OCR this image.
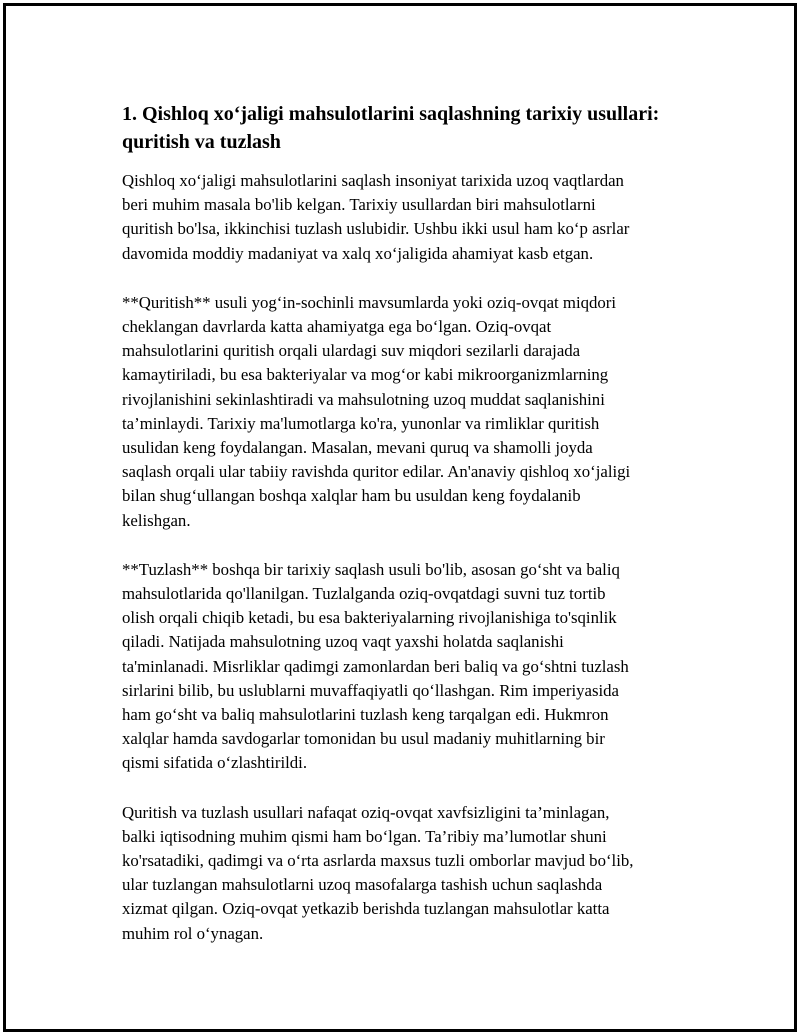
1. Qishloq xo‘jaligi mahsulotlarini saqlashning tarixiy usullari: quritish va tuzlash

Qishloq xo‘jaligi mahsulotlarini saqlash insoniyat tarixida uzoq vaqtlardan
beri muhim masala bo'lib kelgan. Tarixiy usullardan biri mahsulotlarni
quritish bo'lsa, ikkinchisi tuzlash uslubidir. Ushbu ikki usul ham ko‘p asrlar
davomida moddiy madaniyat va xalq xo‘jaligida ahamiyat kasb etgan.

**Quritish** usuli yog‘in-sochinli mavsumlarda yoki oziq-ovqat miqdori
cheklangan davrlarda katta ahamiyatga ega bo‘lgan. Oziq-ovqat
mahsulotlarini quritish orqali ulardagi suv miqdori sezilarli darajada
kamaytiriladi, bu esa bakteriyalar va mog‘or kabi mikroorganizmlarning
rivojlanishini sekinlashtiradi va mahsulotning uzoq muddat saqlanishini
ta’minlaydi. Tarixiy ma'lumotlarga ko'ra, yunonlar va rimliklar quritish
usulidan keng foydalangan. Masalan, mevani quruq va shamolli joyda
saqlash orqali ular tabiiy ravishda quritor edilar. An'anaviy qishloq xo‘jaligi
bilan shug‘ullangan boshqa xalqlar ham bu usuldan keng foydalanib
kelishgan.

**Tuzlash** boshqa bir tarixiy saqlash usuli bo'lib, asosan go‘sht va baliq
mahsulotlarida qo'llanilgan. Tuzlalganda oziq-ovqatdagi suvni tuz tortib
olish orqali chiqib ketadi, bu esa bakteriyalarning rivojlanishiga to'sqinlik
qiladi. Natijada mahsulotning uzoq vaqt yaxshi holatda saqlanishi
ta'minlanadi. Misrliklar qadimgi zamonlardan beri baliq va go‘shtni tuzlash
sirlarini bilib, bu uslublarni muvaffaqiyatli qo‘llashgan. Rim imperiyasida
ham go‘sht va baliq mahsulotlarini tuzlash keng tarqalgan edi. Hukmron
xalqlar hamda savdogarlar tomonidan bu usul madaniy muhitlarning bir
qismi sifatida o‘zlashtirildi.

Quritish va tuzlash usullari nafaqat oziq-ovqat xavfsizligini ta’minlagan,
balki iqtisodning muhim qismi ham bo‘lgan. Ta’ribiy ma’lumotlar shuni
ko'rsatadiki, qadimgi va o‘rta asrlarda maxsus tuzli omborlar mavjud bo‘lib,
ular tuzlangan mahsulotlarni uzoq masofalarga tashish uchun saqlashda
xizmat qilgan. Oziq-ovqat yetkazib berishda tuzlangan mahsulotlar katta
muhim rol o‘ynagan.
